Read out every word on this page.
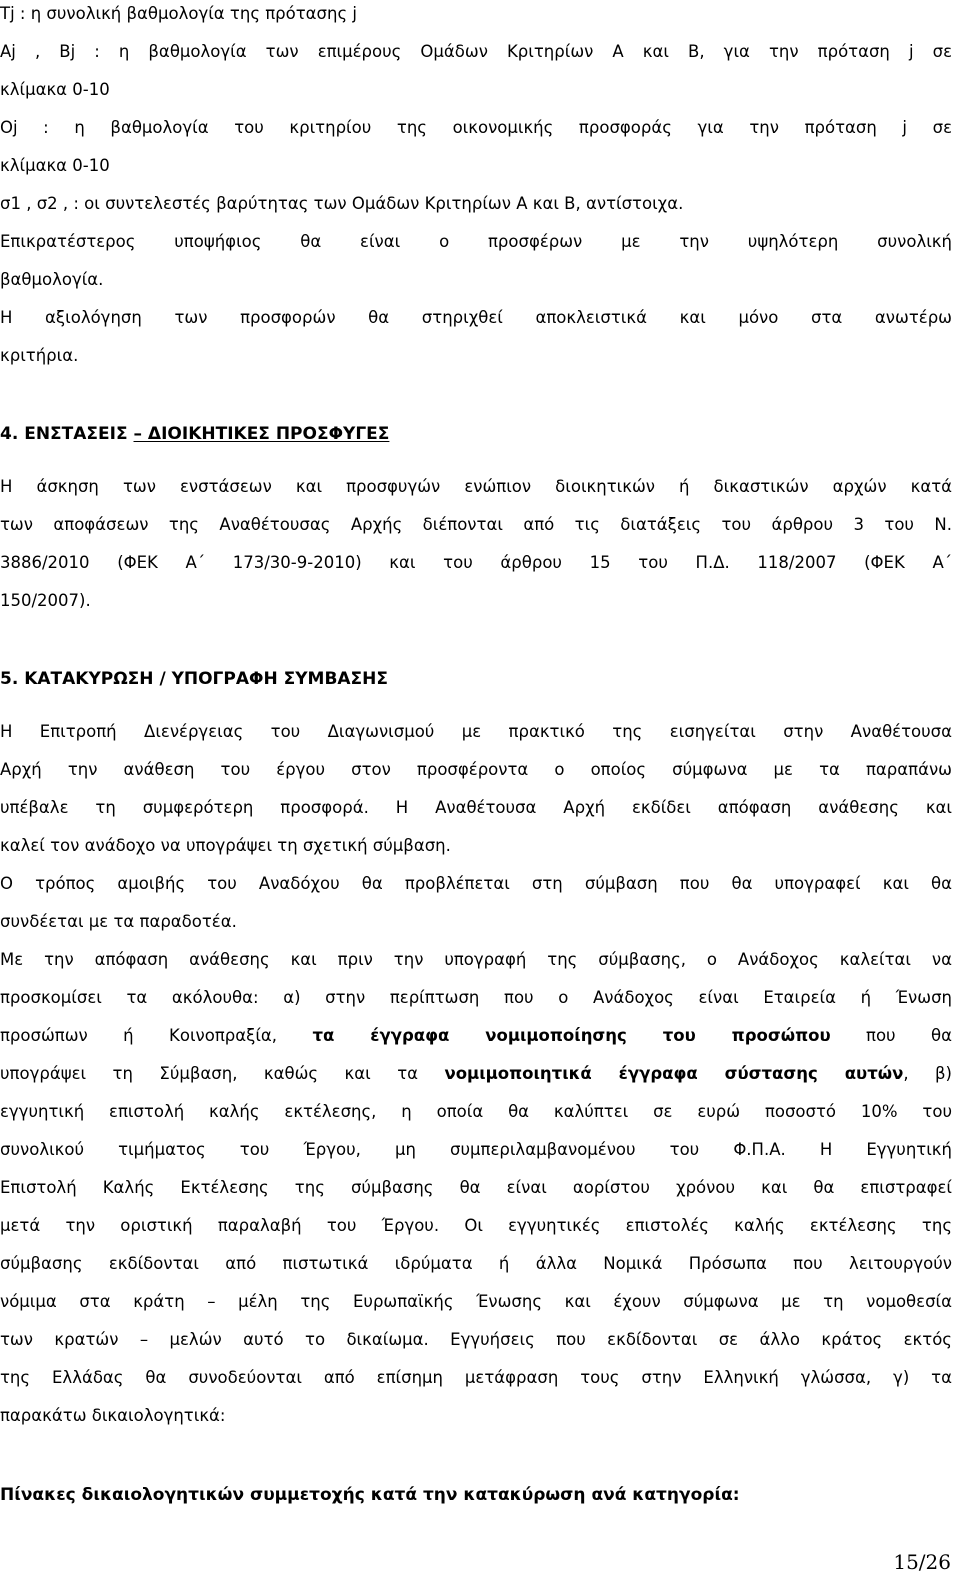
Tj : η συνολική βαθμολογία της πρότασης j
Aj , Bj : η βαθμολογία των επιμέρους Ομάδων Κριτηρίων Α και Β, για την πρόταση j σε
κλίμακα 0-10
Oj : η βαθμολογία του κριτηρίου της οικονομικής προσφοράς για την πρόταση j σε
κλίμακα 0-10
σ1 , σ2 , : οι συντελεστές βαρύτητας των Ομάδων Κριτηρίων Α και Β, αντίστοιχα.
Επικρατέστερος υποψήφιος θα είναι ο προσφέρων με την υψηλότερη συνολική
βαθμολογία.
Η αξιολόγηση των προσφορών θα στηριχθεί αποκλειστικά και μόνο στα ανωτέρω
κριτήρια.
4. ΕΝΣΤΑΣΕΙΣ – ΔΙΟΙΚΗΤΙΚΕΣ ΠΡΟΣΦΥΓΕΣ
Η άσκηση των ενστάσεων και προσφυγών ενώπιον διοικητικών ή δικαστικών αρχών κατά
των αποφάσεων της Αναθέτουσας Αρχής διέπονται από τις διατάξεις του άρθρου 3 του Ν.
3886/2010 (ΦΕΚ Α΄ 173/30-9-2010) και του άρθρου 15 του Π.Δ. 118/2007 (ΦΕΚ Α΄
150/2007).
5. ΚΑΤΑΚΥΡΩΣΗ / ΥΠΟΓΡΑΦΗ ΣΥΜΒΑΣΗΣ
Η Επιτροπή Διενέργειας του Διαγωνισμού με πρακτικό της εισηγείται στην Αναθέτουσα
Αρχή την ανάθεση του έργου στον προσφέροντα ο οποίος σύμφωνα με τα παραπάνω
υπέβαλε τη συμφερότερη προσφορά. Η Αναθέτουσα Αρχή εκδίδει απόφαση ανάθεσης και
καλεί τον ανάδοχο να υπογράψει τη σχετική σύμβαση.
Ο τρόπος αμοιβής του Αναδόχου θα προβλέπεται στη σύμβαση που θα υπογραφεί και θα
συνδέεται με τα παραδοτέα.
Με την απόφαση ανάθεσης και πριν την υπογραφή της σύμβασης, ο Ανάδοχος καλείται να
προσκομίσει τα ακόλουθα: α) στην περίπτωση που ο Ανάδοχος είναι Εταιρεία ή Ένωση
προσώπων ή Κοινοπραξία, τα έγγραφα νομιμοποίησης του προσώπου που θα
υπογράψει τη Σύμβαση, καθώς και τα νομιμοποιητικά έγγραφα σύστασης αυτών, β)
εγγυητική επιστολή καλής εκτέλεσης, η οποία θα καλύπτει σε ευρώ ποσοστό 10% του
συνολικού τιμήματος του Έργου, μη συμπεριλαμβανομένου του Φ.Π.Α. Η Εγγυητική
Επιστολή Καλής Εκτέλεσης της σύμβασης θα είναι αορίστου χρόνου και θα επιστραφεί
μετά την οριστική παραλαβή του Έργου. Οι εγγυητικές επιστολές καλής εκτέλεσης της
σύμβασης εκδίδονται από πιστωτικά ιδρύματα ή άλλα Νομικά Πρόσωπα που λειτουργούν
νόμιμα στα κράτη – μέλη της Ευρωπαϊκής Ένωσης και έχουν σύμφωνα με τη νομοθεσία
των κρατών – μελών αυτό το δικαίωμα. Εγγυήσεις που εκδίδονται σε άλλο κράτος εκτός
της Ελλάδας θα συνοδεύονται από επίσημη μετάφραση τους στην Ελληνική γλώσσα, γ) τα
παρακάτω δικαιολογητικά:
Πίνακες δικαιολογητικών συμμετοχής κατά την κατακύρωση ανά κατηγορία:
15/26
